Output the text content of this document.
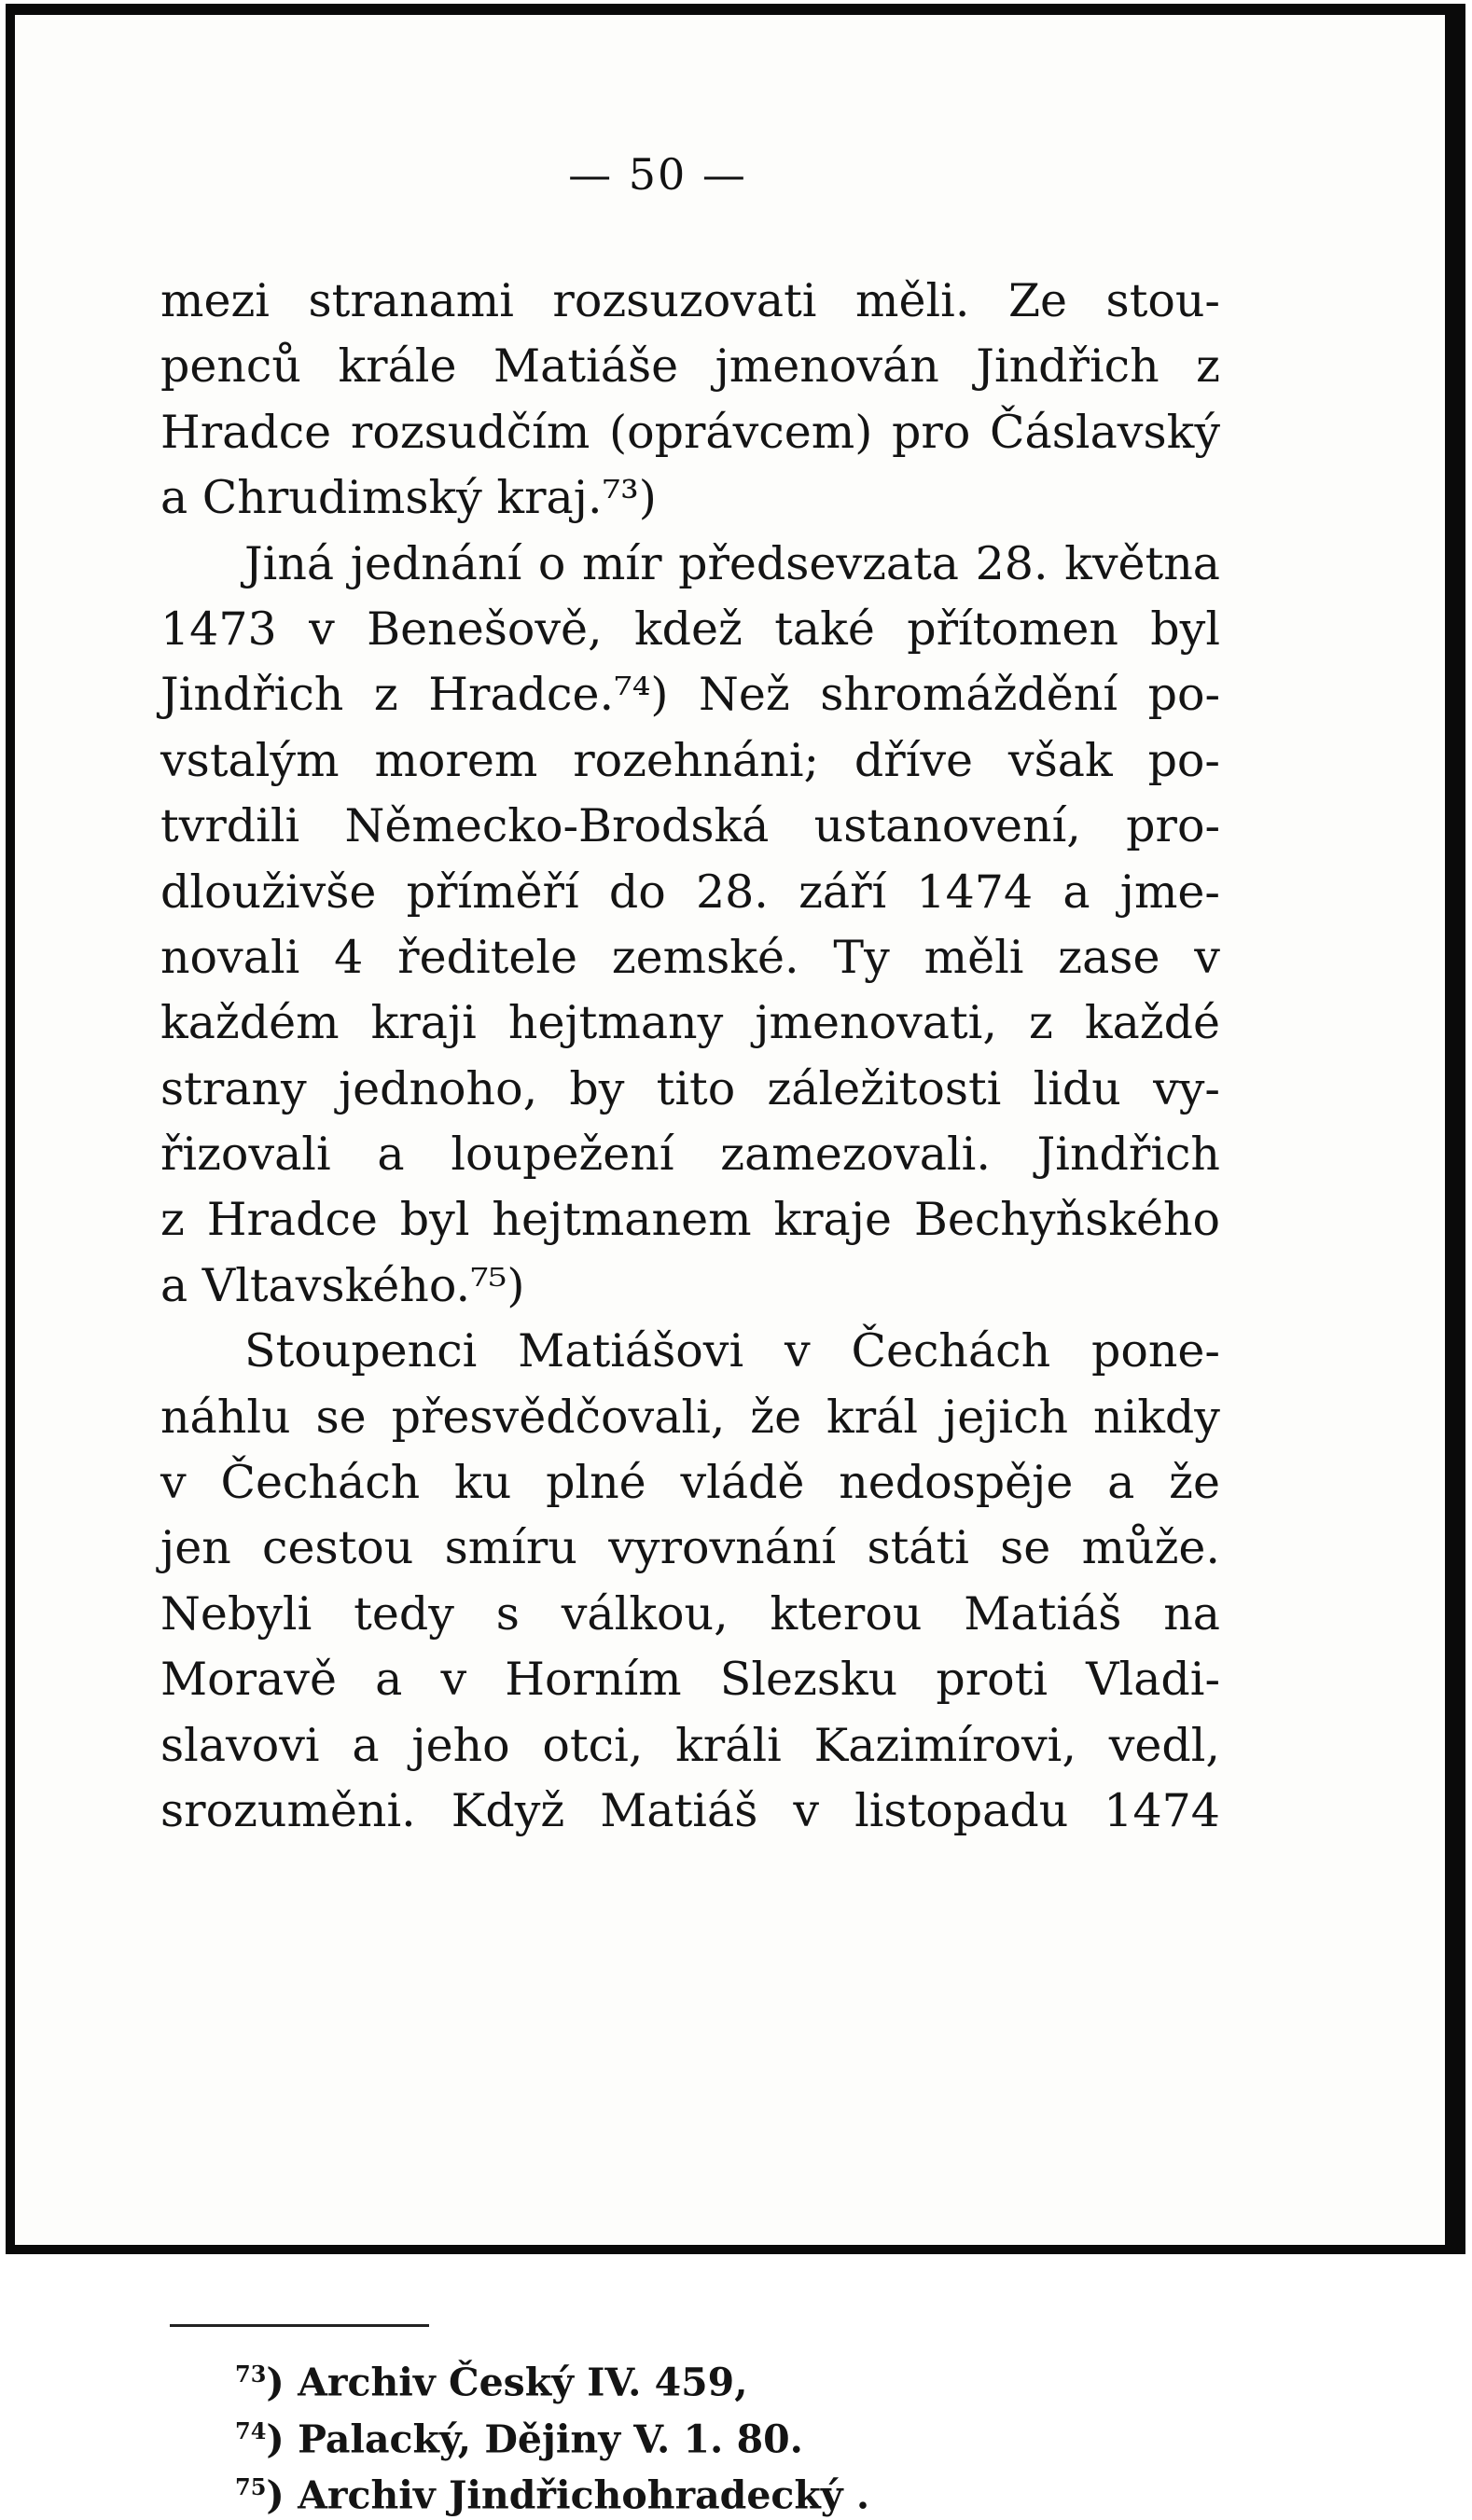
— 50 —
mezi stranami rozsuzovati měli. Ze stou-
penců krále Matiáše jmenován Jindřich z
Hradce rozsudčím (oprávcem) pro Čáslavský
a Chrudimský kraj.⁷³)
Jiná jednání o mír předsevzata 28. května
1473 v Benešově, kdež také přítomen byl
Jindřich z Hradce.⁷⁴) Než shromáždění po-
vstalým morem rozehnáni; dříve však po-
tvrdili Německo-Brodská ustanovení, pro-
dlouživše příměří do 28. září 1474 a jme-
novali 4 ředitele zemské. Ty měli zase v
každém kraji hejtmany jmenovati, z každé
strany jednoho, by tito záležitosti lidu vy-
řizovali a loupežení zamezovali. Jindřich
z Hradce byl hejtmanem kraje Bechyňského
a Vltavského.⁷⁵)
Stoupenci Matiášovi v Čechách pone-
náhlu se přesvědčovali, že král jejich nikdy
v Čechách ku plné vládě nedospěje a že
jen cestou smíru vyrovnání státi se může.
Nebyli tedy s válkou, kterou Matiáš na
Moravě a v Horním Slezsku proti Vladi-
slavovi a jeho otci, králi Kazimírovi, vedl,
srozuměni. Když Matiáš v listopadu 1474
$^{73}$) Archiv Český IV. 459,
$^{74}$) Palacký, Dějiny V. 1. 80.
$^{75}$) Archiv Jindřichohradecký .
